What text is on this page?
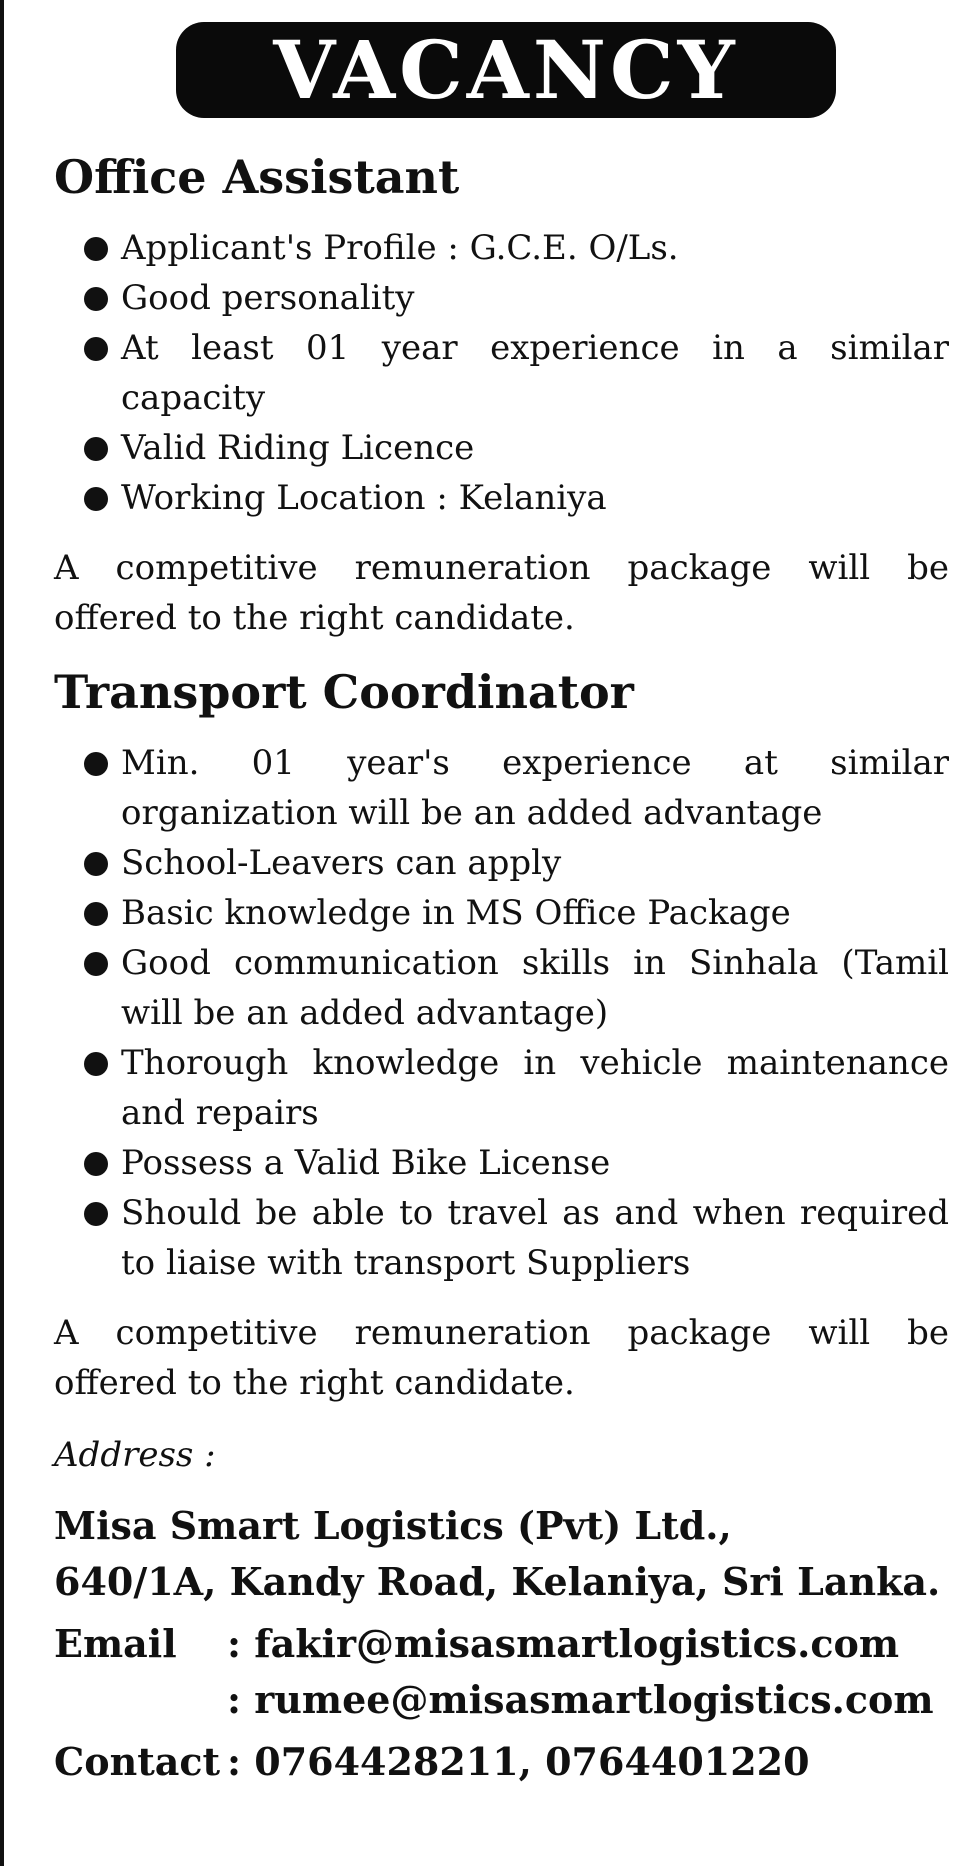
VACANCY
Office Assistant
Applicant's Profile : G.C.E. O/Ls.
Good personality
At least 01 year experience in a similar capacity
Valid Riding Licence
Working Location : Kelaniya

A competitive remuneration package will be offered to the right candidate.

Transport Coordinator
Min. 01 year's experience at similar organization will be an added advantage
School-Leavers can apply
Basic knowledge in MS Office Package
Good communication skills in Sinhala (Tamil will be an added advantage)
Thorough knowledge in vehicle maintenance and repairs
Possess a Valid Bike License
Should be able to travel as and when required to liaise with transport Suppliers

A competitive remuneration package will be offered to the right candidate.

Address :
Misa Smart Logistics (Pvt) Ltd.,
640/1A, Kandy Road, Kelaniya, Sri Lanka.
Email	: fakir@misasmartlogistics.com
: rumee@misasmartlogistics.com
Contact : 0764428211, 0764401220
